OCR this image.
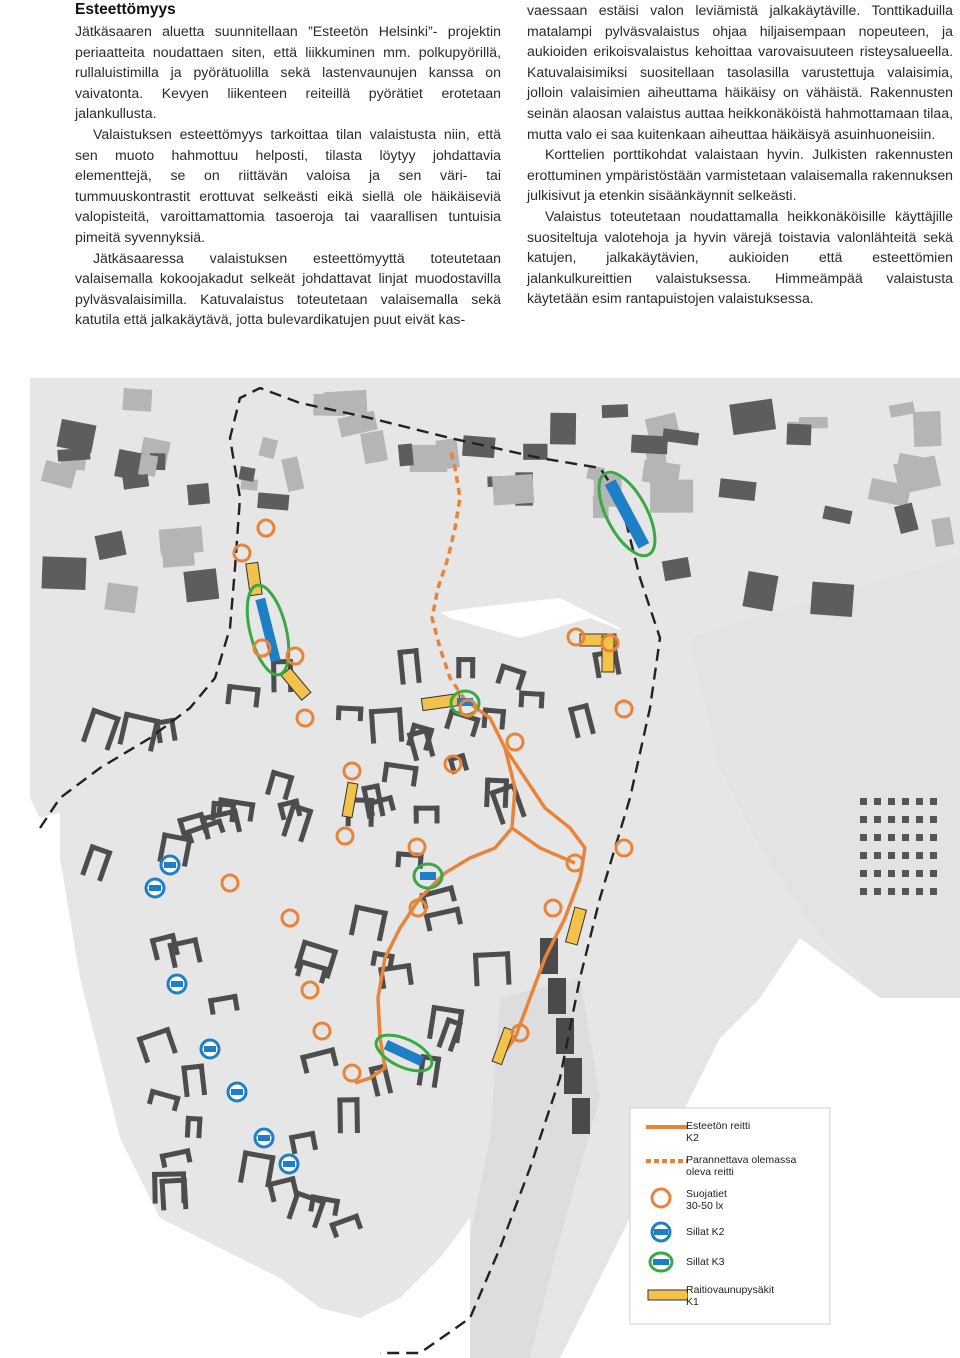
Esteettömyys

Jätkäsaaren aluetta suunnitellaan ”Esteetön Helsinki”- projektin periaatteita noudattaen siten, että liikkuminen mm. polkupyörillä, rullaluistimilla ja pyörätuolilla sekä lastenvaunujen kanssa on vaivatonta. Kevyen liikenteen reiteillä pyörätiet erotetaan jalankullusta.

Valaistuksen esteettömyys tarkoittaa tilan valaistusta niin, että sen muoto hahmottuu helposti, tilasta löytyy johdattavia elementtejä, se on riittävän valoisa ja sen väri- tai tummuuskontrastit erottuvat selkeästi eikä siellä ole häikäiseviä valopisteitä, varoittamattomia tasoeroja tai vaarallisen tuntuisia pimeitä syvennyksiä.

Jätkäsaaressa valaistuksen esteettömyyttä toteutetaan valaisemalla kokoojakadut selkeät johdattavat linjat muodostavilla pylväsvalaisimilla. Katuvalaistus toteutetaan valaisemalla sekä katutila että jalkakäytävä, jotta bulevardikatujen puut eivät kas-

vaessaan estäisi valon leviämistä jalkakäytäville. Tonttikaduilla matalampi pylväsvalaistus ohjaa hiljaisempaan nopeuteen, ja aukioiden erikoisvalaistus kehoittaa varovaisuuteen risteysalueella. Katuvalaisimiksi suositellaan tasolasilla varustettuja valaisimia, jolloin valaisimien aiheuttama häikäisy on vähäistä. Rakennusten seinän alaosan valaistus auttaa heikkonäköistä hahmottamaan tilaa, mutta valo ei saa kuitenkaan aiheuttaa häikäisyä asuinhuoneisiin.

Korttelien porttikohdat valaistaan hyvin. Julkisten rakennusten erottuminen ympäristöstään varmistetaan valaisemalla rakennuksen julkisivut ja etenkin sisäänkäynnit selkeästi.

Valaistus toteutetaan noudattamalla heikkonäköisille käyttäjille suositeltuja valotehoja ja hyvin värejä toistavia valonlähteitä sekä katujen, jalkakäytävien, aukioiden että esteettömien jalankulkureittien valaistuksessa. Himmeämpää valaistusta käytetään esim rantapuistojen valaistuksessa.

Esteetön reitti
K2
Parannettava olemassa
oleva reitti
Suojatiet
30-50 lx
Sillat K2
Sillat K3
Raitiovaunupysäkit
K1
